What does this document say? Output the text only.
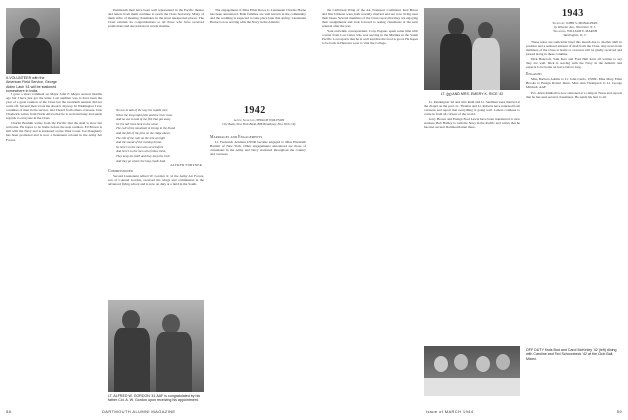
A VOLUNTEER with the American Field Service, George Alden Lash '41 will be stationed somewhere in India.

I gave a short comment on Major John F. Meyer several months ago but I have just got the letter. Last summer was to have been the year of a great reunion of the Class but the twentieth reunion did not come off. Several men wrote me about it anyway. In Washington I saw a number of men in the service, and I heard from others overseas. Jack Chadwick writes from North Africa that he is well and busy and sends regards to everyone in the Class.

Charlie Bouldin writes from the Pacific that the mail is slow but welcome. He hopes to be home before the next reunion. Ed Brown is still with the Navy and is stationed on the West Coast. Joe Dougherty has been promoted and is now a lieutenant colonel in the Army Air Forces.

Dartmouth men have been well represented in the Pacific theater and letters from them continue to reach the Class Secretary. Many of them write of meeting classmates in the most unexpected places. The Class extends its congratulations to all those who have received promotions and decorations in recent months.

No use to talk of the way the rapids race

When the long night falls and the river runs,

And no use to talk of the fish that got away

Or the tall trees bent in the wind.

The call of the mountain is strong in the blood

And the fall of the pine on the ridge above,

The roll of the rain on the tent at night

And the sound of the rushing brook.

So here's to the men who went before

And here's to the men who follow them,

They keep the faith and they keep the trail

And they go where the long roads lead.

ALFRED FORTNER

Commissioned

Second Lieutenant Alfred W. Gordon Jr. of the Army Air Forces, son of Colonel Gordon, received his wings and commission at the advanced flying school and is now on duty at a field in the South.

LT. ALFRED W. GORDON '41 AAF is congratulated by his father Col. A. W. Gordon upon receiving his appointment.

The engagement of Miss Ellen Rowe to Lieutenant Charles Horne has been announced. Both families are well known in the community and the wedding is expected to take place later this spring. Lieutenant Horne is now serving with the Navy in the Atlantic.

1942
Acting Secretary, PHILLIP WOLFSON
City Bank, New York Bank, 888 Broadway, New York City

Marriages and Engagements

Lt. Frederick Ackman USNR became engaged to Miss Elizabeth Bartlett of New York. Other engagements announced are those of classmates in the Army and Navy stationed throughout the country and overseas.

58	DARTMOUTH ALUMNI MAGAZINE

the Caribbean Wing of the Air Transport Command. Ken Bruce and Jim Johnson were both recently married and are now living near their bases. Several members of the Class report that they are enjoying their assignments and look forward to seeing classmates at the next reunion after the war.

Your erstwhile correspondent, Corp. Pagano, spent some time with a letter from Lou Carter who was serving in the Marines in the South Pacific. Lou reports that he is well and that the food is good. He hopes to be back in Hanover soon to visit the College.

LT. (jg) AND MRS. EMERY K. RICE '42

Lt. Pennington '42 and wife Ruth and Lt. Stedman were married at the chapel on the post. Lt. Thomas and Lt. Roberts have returned from overseas and report that everything is going well. Letters continue to come in from all corners of the world.

Jerry Brown and Ensign Fred Lewis have been transferred to new stations. Bob Hadley is with the Navy in the Pacific and writes that he has met several Dartmouth men there.

1943
Secretary, JOHN S. MONAGHAN
by Wheeler Ave., Worcester, N. J.
Treasurer, WILLIAM E. MARSH
Washington, D. C.

These notes are somewhat brief this month due to another shift in position and a reduced amount of mail from the Class. Any news from members of the Class at home or overseas will be gladly received and passed along in these columns.

Dick Bancroft, Sam Kerr and Fred Hall have all written to say they are well. Dick is serving with the Navy in the Atlantic and expects to be home on leave before long.

Engaged

Miss Barbara Adams to Lt. John Curtis, USNR. Miss Mary Ellen Brooks to Ensign Robert Dean. Miss Ann Thompson to Lt. George Mitchell, AAF.

Pvt. Allen Kimball is now stationed at a camp in Texas and reports that he has seen several classmates. He sends his best to all.

OFF DUTY finds Bud and Carol McKinley '42 (left) dining with Caroline and Ted Schoonbeck '42 at the Club Bali, Miami.
Issue of MARCH 1944	59
